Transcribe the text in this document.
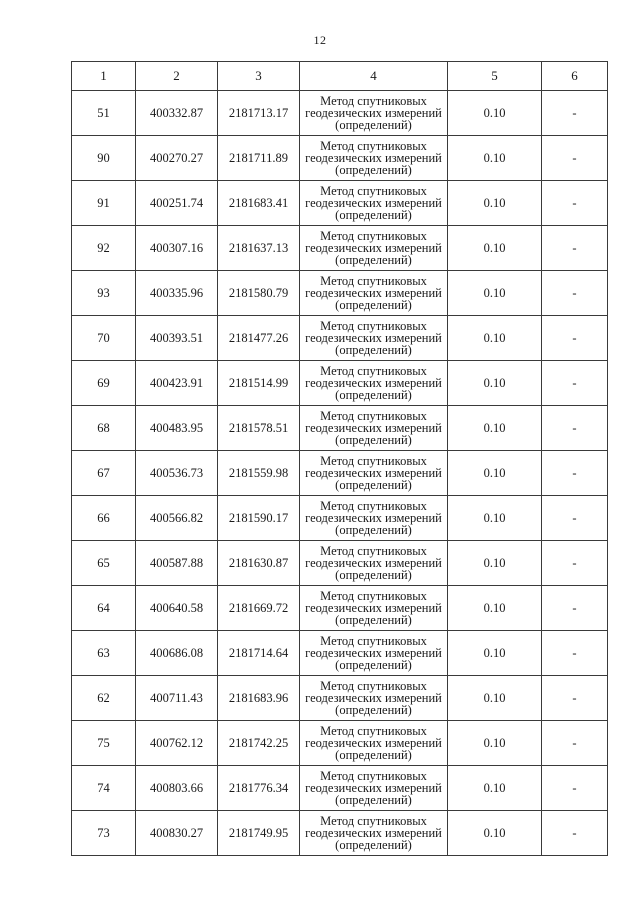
12
1	2	3	4	5	6
51	400332.87	2181713.17	Метод спутниковых геодезических измерений (определений)	0.10	-
90	400270.27	2181711.89	Метод спутниковых геодезических измерений (определений)	0.10	-
91	400251.74	2181683.41	Метод спутниковых геодезических измерений (определений)	0.10	-
92	400307.16	2181637.13	Метод спутниковых геодезических измерений (определений)	0.10	-
93	400335.96	2181580.79	Метод спутниковых геодезических измерений (определений)	0.10	-
70	400393.51	2181477.26	Метод спутниковых геодезических измерений (определений)	0.10	-
69	400423.91	2181514.99	Метод спутниковых геодезических измерений (определений)	0.10	-
68	400483.95	2181578.51	Метод спутниковых геодезических измерений (определений)	0.10	-
67	400536.73	2181559.98	Метод спутниковых геодезических измерений (определений)	0.10	-
66	400566.82	2181590.17	Метод спутниковых геодезических измерений (определений)	0.10	-
65	400587.88	2181630.87	Метод спутниковых геодезических измерений (определений)	0.10	-
64	400640.58	2181669.72	Метод спутниковых геодезических измерений (определений)	0.10	-
63	400686.08	2181714.64	Метод спутниковых геодезических измерений (определений)	0.10	-
62	400711.43	2181683.96	Метод спутниковых геодезических измерений (определений)	0.10	-
75	400762.12	2181742.25	Метод спутниковых геодезических измерений (определений)	0.10	-
74	400803.66	2181776.34	Метод спутниковых геодезических измерений (определений)	0.10	-
73	400830.27	2181749.95	Метод спутниковых геодезических измерений (определений)	0.10	-
